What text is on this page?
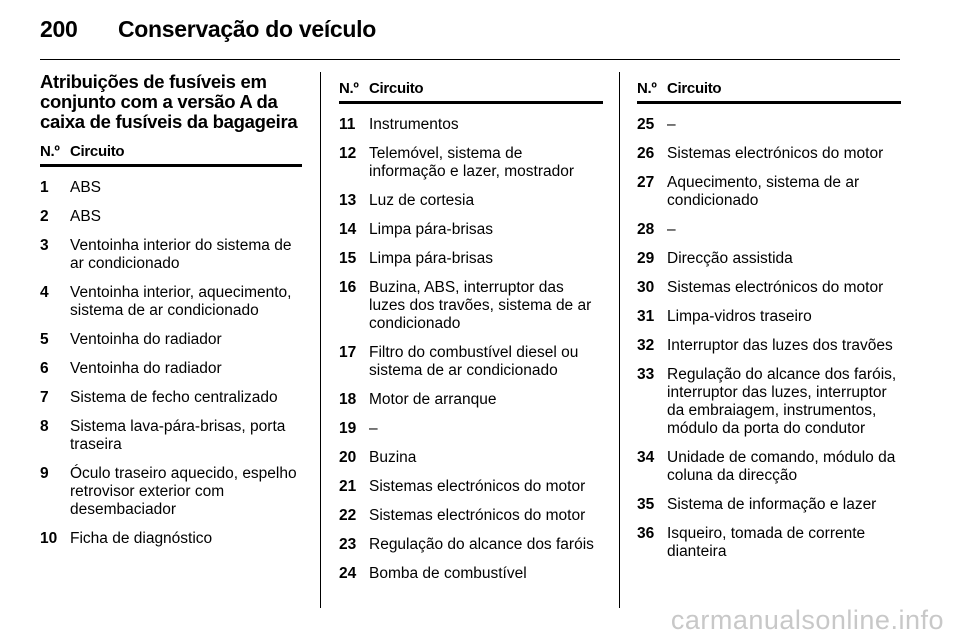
200 Conservação do veículo
Atribuições de fusíveis em conjunto com a versão A da caixa de fusíveis da bagageira
N.º Circuito
1	ABS
2	ABS
3	Ventoinha interior do sistema de ar condicionado
4	Ventoinha interior, aquecimento, sistema de ar condicionado
5	Ventoinha do radiador
6	Ventoinha do radiador
7	Sistema de fecho centralizado
8	Sistema lava-pára-brisas, porta traseira
9	Óculo traseiro aquecido, espelho retrovisor exterior com desembaciador
10 Ficha de diagnóstico
N.º Circuito
11 Instrumentos
12 Telemóvel, sistema de informação e lazer, mostrador
13 Luz de cortesia
14 Limpa pára-brisas
15 Limpa pára-brisas
16 Buzina, ABS, interruptor das luzes dos travões, sistema de ar condicionado
17 Filtro do combustível diesel ou sistema de ar condicionado
18 Motor de arranque
19 –
20 Buzina
21 Sistemas electrónicos do motor
22 Sistemas electrónicos do motor
23 Regulação do alcance dos faróis
24 Bomba de combustível
N.º Circuito
25 –
26 Sistemas electrónicos do motor
27 Aquecimento, sistema de ar condicionado
28 –
29 Direcção assistida
30 Sistemas electrónicos do motor
31 Limpa-vidros traseiro
32 Interruptor das luzes dos travões
33 Regulação do alcance dos faróis, interruptor das luzes, interruptor da embraiagem, instrumentos, módulo da porta do condutor
34 Unidade de comando, módulo da coluna da direcção
35 Sistema de informação e lazer
36 Isqueiro, tomada de corrente dianteira
carmanualsonline.info
